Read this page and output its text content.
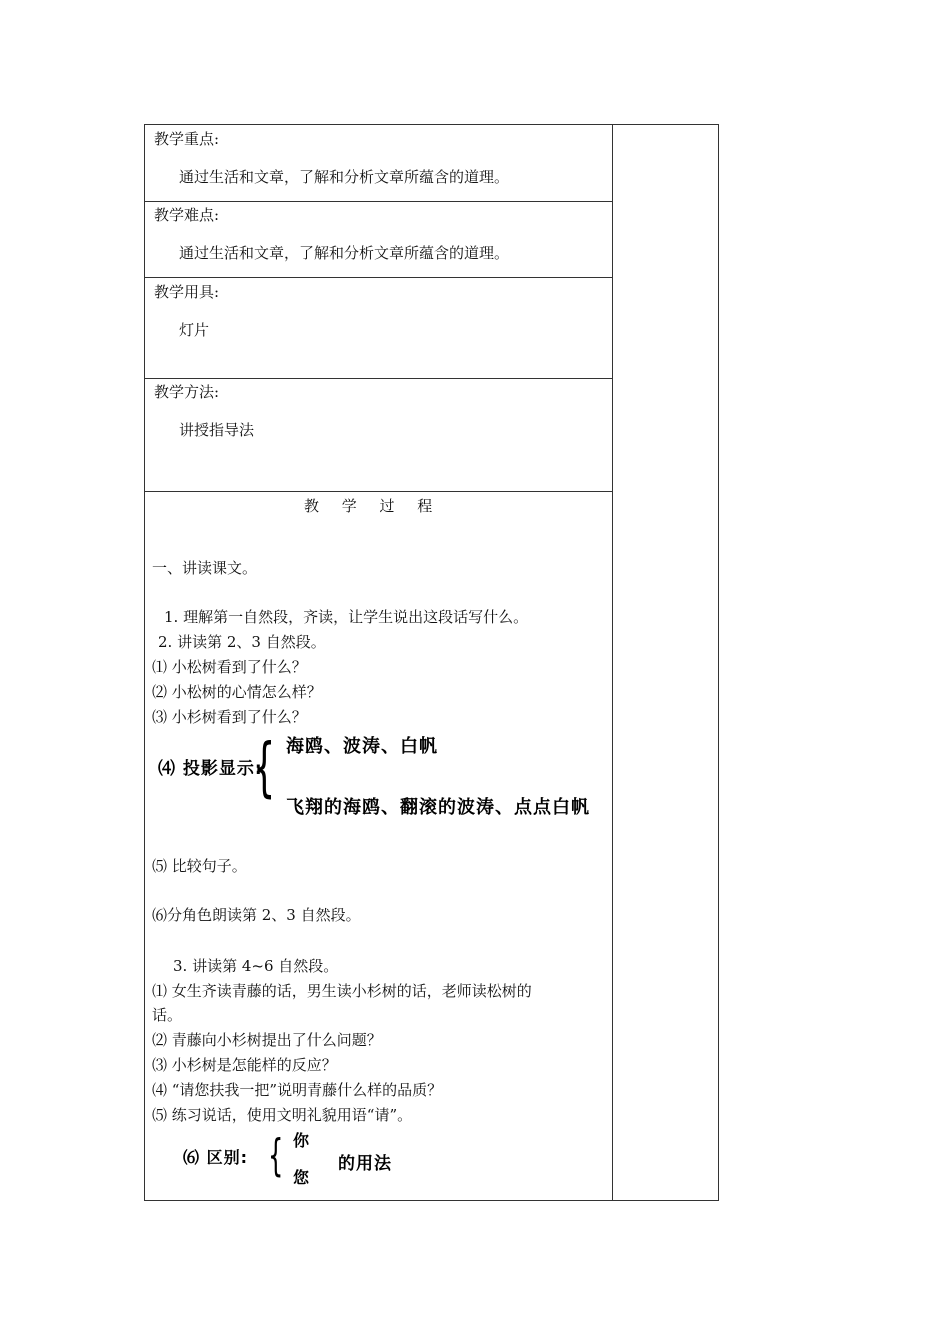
教学重点:
通过生活和文章，了解和分析文章所蕴含的道理。
教学难点:
通过生活和文章，了解和分析文章所蕴含的道理。
教学用具:
灯片
教学方法:
讲授指导法
教 学 过 程
一、讲读课文。
1. 理解第一自然段，齐读，让学生说出这段话写什么。
2. 讲读第 2、3 自然段。
⑴ 小松树看到了什么？
⑵ 小松树的心情怎么样？
⑶ 小杉树看到了什么？
⑷ 投影显示:
{ 海鸥、波涛、白帆
飞翔的海鸥、翻滚的波涛、点点白帆
⑸ 比较句子。
⑹分角色朗读第 2、3 自然段。
3. 讲读第 4~6 自然段。
⑴ 女生齐读青藤的话，男生读小杉树的话，老师读松树的
话。
⑵ 青藤向小杉树提出了什么问题？
⑶ 小杉树是怎能样的反应？
⑷ “请您扶我一把”说明青藤什么样的品质？
⑸ 练习说话，使用文明礼貌用语“请”。
⑹ 区别: { 你
您
的用法
